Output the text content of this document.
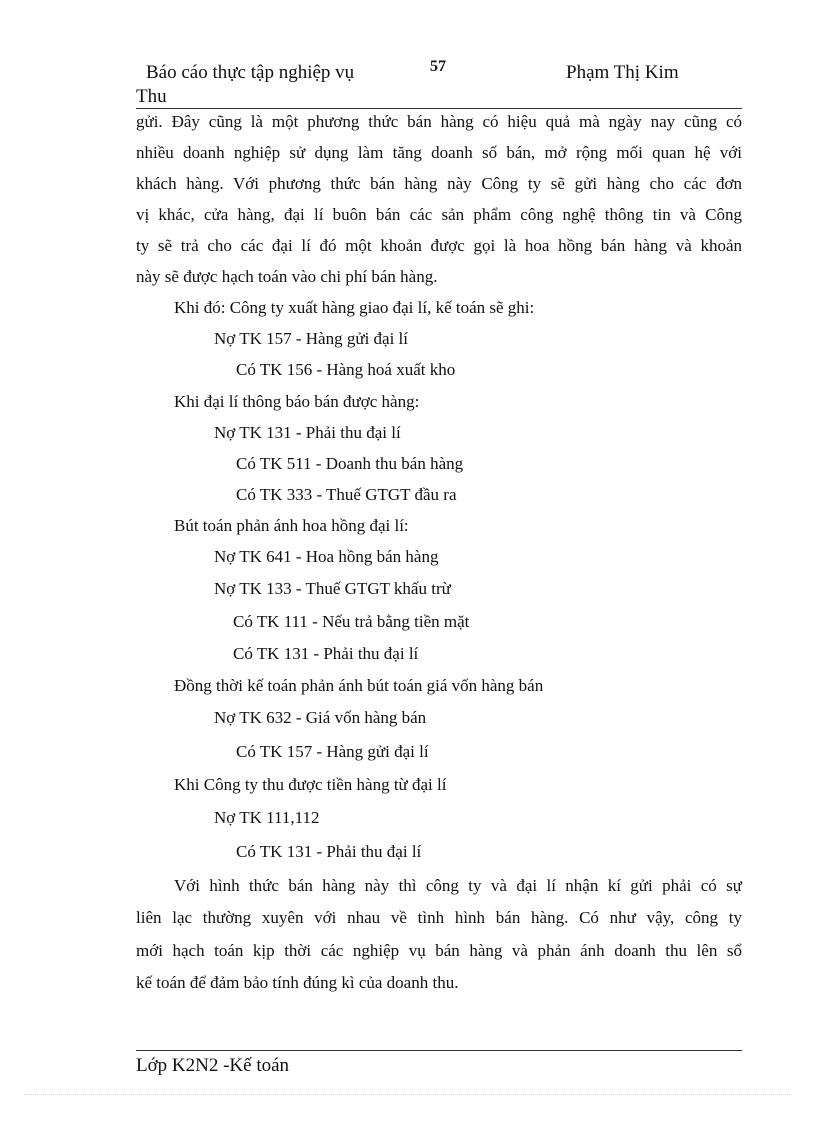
Báo cáo thực tập nghiệp vụ	57	Phạm Thị Kim
Thu
gửi. Đây cũng là một phương thức bán hàng có hiệu quả mà ngày nay cũng có
nhiều doanh nghiệp sử dụng làm tăng doanh số bán, mở rộng mối quan hệ với
khách hàng. Với phương thức bán hàng này Công ty sẽ gửi hàng cho các đơn
vị khác, cửa hàng, đại lí buôn bán các sản phẩm công nghệ thông tin và Công
ty sẽ trả cho các đại lí đó một khoản được gọi là hoa hồng bán hàng và khoản
này sẽ được hạch toán vào chi phí bán hàng.
Khi đó: Công ty xuất hàng giao đại lí, kế toán sẽ ghi:
Nợ TK 157 - Hàng gửi đại lí
Có TK 156 - Hàng hoá xuất kho
Khi đại lí thông báo bán được hàng:
Nợ TK 131 - Phải thu đại lí
Có TK 511 - Doanh thu bán hàng
Có TK 333 - Thuế GTGT đầu ra
Bút toán phản ánh hoa hồng đại lí:
Nợ TK 641 - Hoa hồng bán hàng
Nợ TK 133 - Thuế GTGT khấu trừ
Có TK 111 - Nếu trả bằng tiền mặt
Có TK 131 - Phải thu đại lí
Đồng thời kế toán phản ánh bút toán giá vốn hàng bán
Nợ TK 632 - Giá vốn hàng bán
Có TK 157 - Hàng gửi đại lí
Khi Công ty thu được tiền hàng từ đại lí
Nợ TK 111,112
Có TK 131 - Phải thu đại lí
Với hình thức bán hàng này thì công ty và đại lí nhận kí gửi phải có sự
liên lạc thường xuyên với nhau về tình hình bán hàng. Có như vậy, công ty
mới hạch toán kịp thời các nghiệp vụ bán hàng và phản ánh doanh thu lên sổ
kế toán để đảm bảo tính đúng kì của doanh thu.
Lớp K2N2 -Kế toán
